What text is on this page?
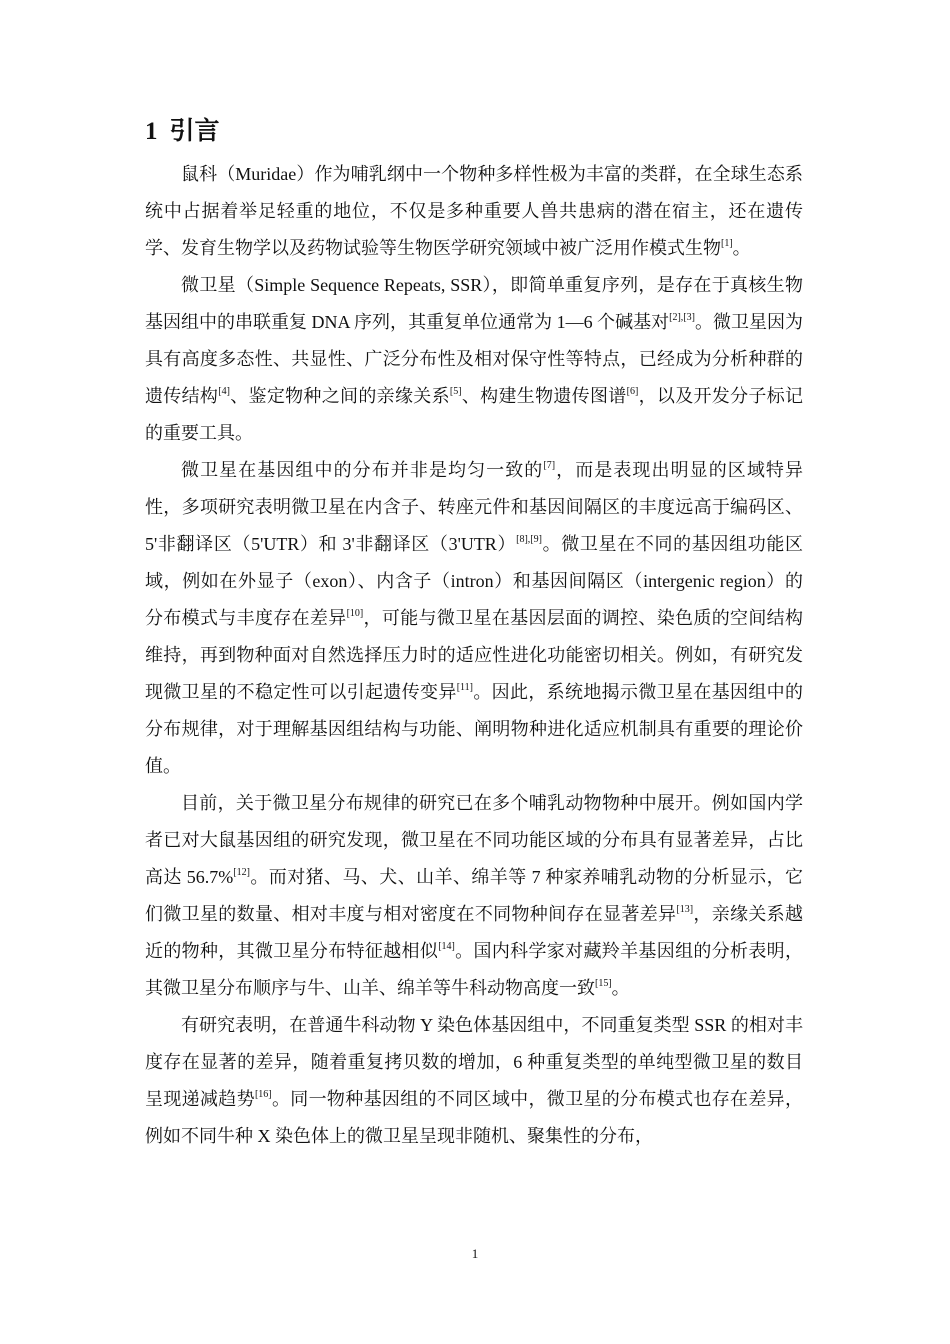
1 引言

鼠科（Muridae）作为哺乳纲中一个物种多样性极为丰富的类群，在全球生态系统中占据着举足轻重的地位，不仅是多种重要人兽共患病的潜在宿主，还在遗传学、发育生物学以及药物试验等生物医学研究领域中被广泛用作模式生物[1]。

微卫星（Simple Sequence Repeats, SSR），即简单重复序列，是存在于真核生物基因组中的串联重复 DNA 序列，其重复单位通常为 1—6 个碱基对[2],[3]。微卫星因为具有高度多态性、共显性、广泛分布性及相对保守性等特点，已经成为分析种群的遗传结构[4]、鉴定物种之间的亲缘关系[5]、构建生物遗传图谱[6]，以及开发分子标记的重要工具。

微卫星在基因组中的分布并非是均匀一致的[7]，而是表现出明显的区域特异性，多项研究表明微卫星在内含子、转座元件和基因间隔区的丰度远高于编码区、5'非翻译区（5'UTR）和 3'非翻译区（3'UTR）[8],[9]。微卫星在不同的基因组功能区域，例如在外显子（exon）、内含子（intron）和基因间隔区（intergenic region）的分布模式与丰度存在差异[10]，可能与微卫星在基因层面的调控、染色质的空间结构维持，再到物种面对自然选择压力时的适应性进化功能密切相关。例如，有研究发现微卫星的不稳定性可以引起遗传变异[11]。因此，系统地揭示微卫星在基因组中的分布规律，对于理解基因组结构与功能、阐明物种进化适应机制具有重要的理论价值。

目前，关于微卫星分布规律的研究已在多个哺乳动物物种中展开。例如国内学者已对大鼠基因组的研究发现，微卫星在不同功能区域的分布具有显著差异，占比高达 56.7%[12]。而对猪、马、犬、山羊、绵羊等 7 种家养哺乳动物的分析显示，它们微卫星的数量、相对丰度与相对密度在不同物种间存在显著差异[13]，亲缘关系越近的物种，其微卫星分布特征越相似[14]。国内科学家对藏羚羊基因组的分析表明，其微卫星分布顺序与牛、山羊、绵羊等牛科动物高度一致[15]。

有研究表明，在普通牛科动物 Y 染色体基因组中，不同重复类型 SSR 的相对丰度存在显著的差异，随着重复拷贝数的增加，6 种重复类型的单纯型微卫星的数目呈现递减趋势[16]。同一物种基因组的不同区域中，微卫星的分布模式也存在差异，例如不同牛种 X 染色体上的微卫星呈现非随机、聚集性的分布，

1
